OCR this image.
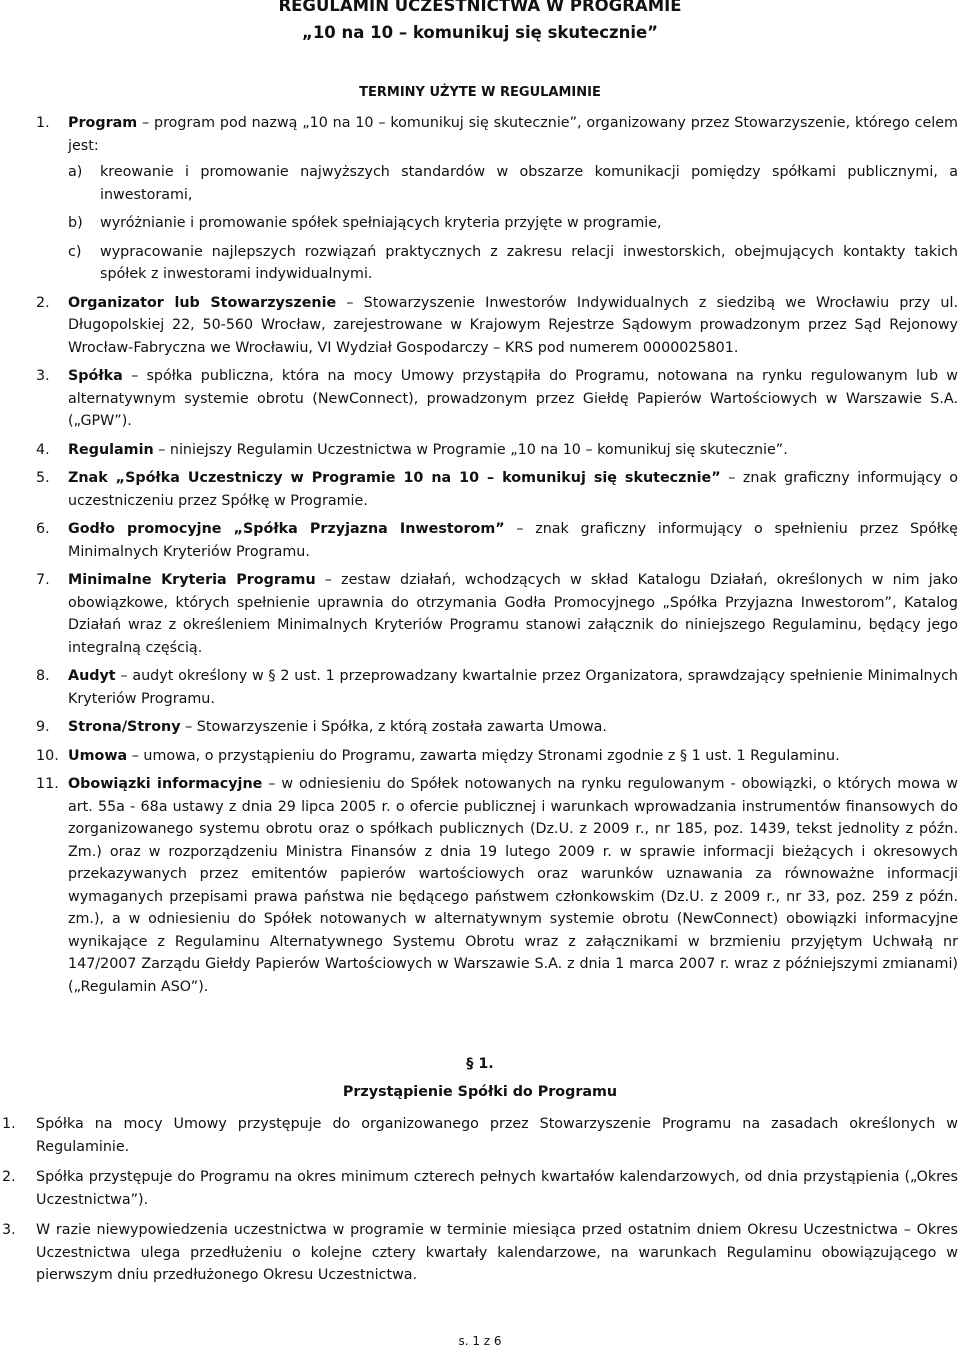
REGULAMIN UCZESTNICTWA W PROGRAMIE
„10 na 10 – komunikuj się skutecznie”
TERMINY UŻYTE W REGULAMINIE
1.	Program – program pod nazwą „10 na 10 – komunikuj się skutecznie”, organizowany przez Stowarzyszenie, którego celem jest:
a) kreowanie i promowanie najwyższych standardów w obszarze komunikacji pomiędzy spółkami publicznymi, a inwestorami,
b) wyróżnianie i promowanie spółek spełniających kryteria przyjęte w programie,
c) wypracowanie najlepszych rozwiązań praktycznych z zakresu relacji inwestorskich, obejmujących kontakty takich spółek z inwestorami indywidualnymi.
2.	Organizator lub Stowarzyszenie – Stowarzyszenie Inwestorów Indywidualnych z siedzibą we Wrocławiu przy ul. Długopolskiej 22, 50-560 Wrocław, zarejestrowane w Krajowym Rejestrze Sądowym prowadzonym przez Sąd Rejonowy Wrocław-Fabryczna we Wrocławiu, VI Wydział Gospodarczy – KRS pod numerem 0000025801.
3.	Spółka – spółka publiczna, która na mocy Umowy przystąpiła do Programu, notowana na rynku regulowanym lub w alternatywnym systemie obrotu (NewConnect), prowadzonym przez Giełdę Papierów Wartościowych w Warszawie S.A. („GPW”).
4.	Regulamin – niniejszy Regulamin Uczestnictwa w Programie „10 na 10 – komunikuj się skutecznie”.
5.	Znak „Spółka Uczestniczy w Programie 10 na 10 – komunikuj się skutecznie” – znak graficzny informujący o uczestniczeniu przez Spółkę w Programie.
6.	Godło promocyjne „Spółka Przyjazna Inwestorom” – znak graficzny informujący o spełnieniu przez Spółkę Minimalnych Kryteriów Programu.
7.	Minimalne Kryteria Programu – zestaw działań, wchodzących w skład Katalogu Działań, określonych w nim jako obowiązkowe, których spełnienie uprawnia do otrzymania Godła Promocyjnego „Spółka Przyjazna Inwestorom”, Katalog Działań wraz z określeniem Minimalnych Kryteriów Programu stanowi załącznik do niniejszego Regulaminu, będący jego integralną częścią.
8.	Audyt – audyt określony w § 2 ust. 1 przeprowadzany kwartalnie przez Organizatora, sprawdzający spełnienie Minimalnych Kryteriów Programu.
9.	Strona/Strony – Stowarzyszenie i Spółka, z którą została zawarta Umowa.
10. Umowa – umowa, o przystąpieniu do Programu, zawarta między Stronami zgodnie z § 1 ust. 1 Regulaminu.
11. Obowiązki informacyjne – w odniesieniu do Spółek notowanych na rynku regulowanym - obowiązki, o których mowa w art. 55a - 68a ustawy z dnia 29 lipca 2005 r. o ofercie publicznej i warunkach wprowadzania instrumentów finansowych do zorganizowanego systemu obrotu oraz o spółkach publicznych (Dz.U. z 2009 r., nr 185, poz. 1439, tekst jednolity z późn. Zm.) oraz w rozporządzeniu Ministra Finansów z dnia 19 lutego 2009 r. w sprawie informacji bieżących i okresowych przekazywanych przez emitentów papierów wartościowych oraz warunków uznawania za równoważne informacji wymaganych przepisami prawa państwa nie będącego państwem członkowskim (Dz.U. z 2009 r., nr 33, poz. 259 z późn. zm.), a w odniesieniu do Spółek notowanych w alternatywnym systemie obrotu (NewConnect) obowiązki informacyjne wynikające z Regulaminu Alternatywnego Systemu Obrotu wraz z załącznikami w brzmieniu przyjętym Uchwałą nr 147/2007 Zarządu Giełdy Papierów Wartościowych w Warszawie S.A. z dnia 1 marca 2007 r. wraz z późniejszymi zmianami) („Regulamin ASO”).
§ 1.
Przystąpienie Spółki do Programu
1.	Spółka na mocy Umowy przystępuje do organizowanego przez Stowarzyszenie Programu na zasadach określonych w Regulaminie.
2.	Spółka przystępuje do Programu na okres minimum czterech pełnych kwartałów kalendarzowych, od dnia przystąpienia („Okres Uczestnictwa”).
3.	W razie niewypowiedzenia uczestnictwa w programie w terminie miesiąca przed ostatnim dniem Okresu Uczestnictwa – Okres Uczestnictwa ulega przedłużeniu o kolejne cztery kwartały kalendarzowe, na warunkach Regulaminu obowiązującego w pierwszym dniu przedłużonego Okresu Uczestnictwa.
s. 1 z 6
